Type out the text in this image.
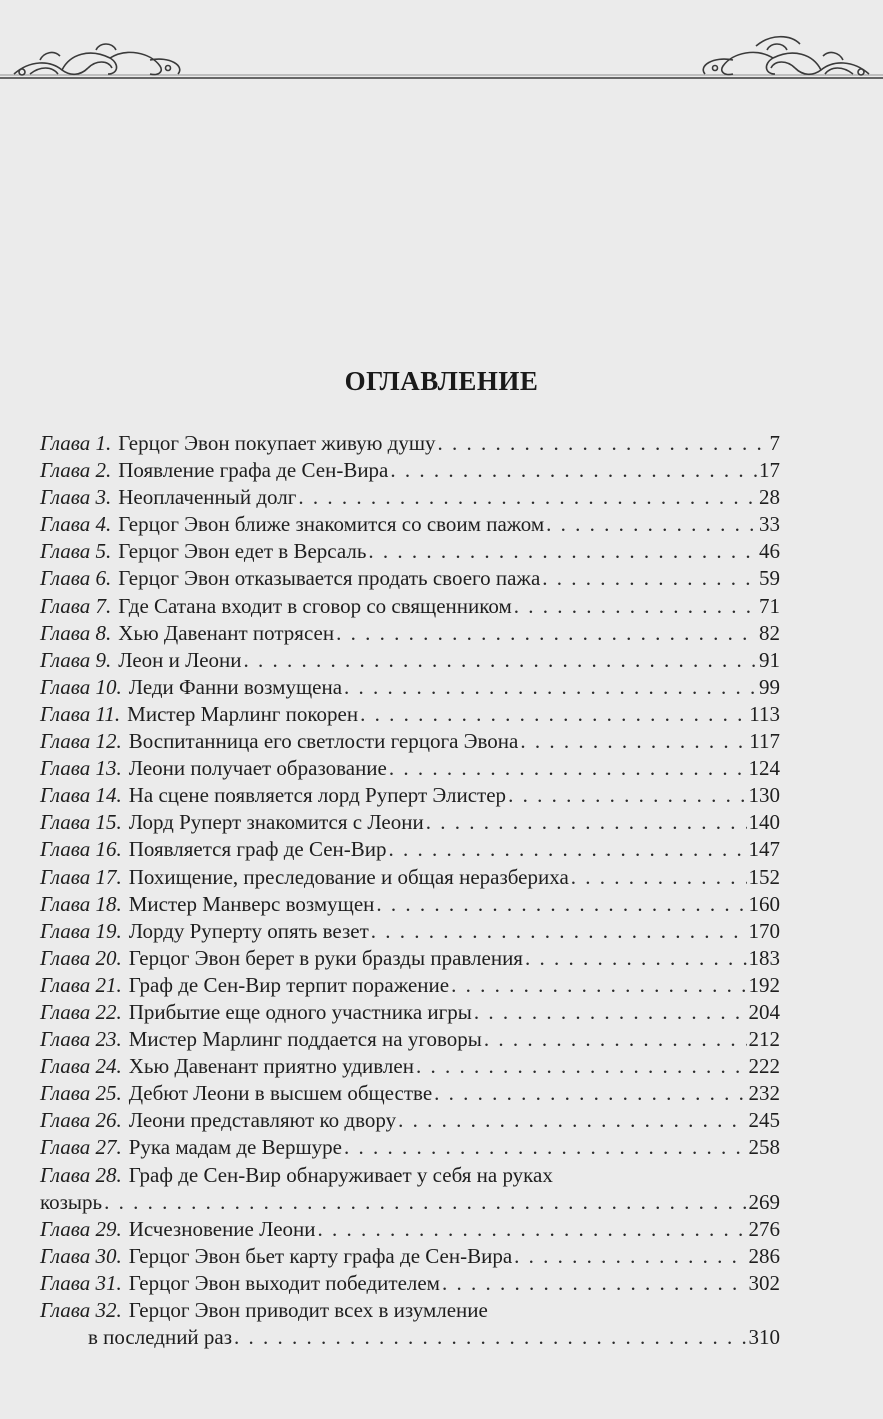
ОГЛАВЛЕНИЕ
Глава 1. Герцог Эвон покупает живую душу . . .	7
Глава 2. Появление графа де Сен-Вира . . .	17
Глава 3. Неоплаченный долг . . .	28
Глава 4. Герцог Эвон ближе знакомится со своим пажом . . .	33
Глава 5. Герцог Эвон едет в Версаль . . .	46
Глава 6. Герцог Эвон отказывается продать своего пажа . . .	59
Глава 7. Где Сатана входит в сговор со священником . . .	71
Глава 8. Хью Давенант потрясен . . .	82
Глава 9. Леон и Леони . . .	91
Глава 10. Леди Фанни возмущена . . .	99
Глава 11. Мистер Марлинг покорен . . .	113
Глава 12. Воспитанница его светлости герцога Эвона . . .	117
Глава 13. Леони получает образование . . .	124
Глава 14. На сцене появляется лорд Руперт Элистер . . .	130
Глава 15. Лорд Руперт знакомится с Леони . . .	140
Глава 16. Появляется граф де Сен-Вир . . .	147
Глава 17. Похищение, преследование и общая неразбериха . . .	152
Глава 18. Мистер Манверс возмущен . . .	160
Глава 19. Лорду Руперту опять везет . . .	170
Глава 20. Герцог Эвон берет в руки бразды правления . . .	183
Глава 21. Граф де Сен-Вир терпит поражение . . .	192
Глава 22. Прибытие еще одного участника игры . . .	204
Глава 23. Мистер Марлинг поддается на уговоры . . .	212
Глава 24. Хью Давенант приятно удивлен . . .	222
Глава 25. Дебют Леони в высшем обществе . . .	232
Глава 26. Леони представляют ко двору . . .	245
Глава 27. Рука мадам де Вершуре . . .	258
Глава 28. Граф де Сен-Вир обнаруживает у себя на руках
козырь . . .	269
Глава 29. Исчезновение Леони . . .	276
Глава 30. Герцог Эвон бьет карту графа де Сен-Вира . . .	286
Глава 31. Герцог Эвон выходит победителем . . .	302
Глава 32. Герцог Эвон приводит всех в изумление
в последний раз . . .	310
